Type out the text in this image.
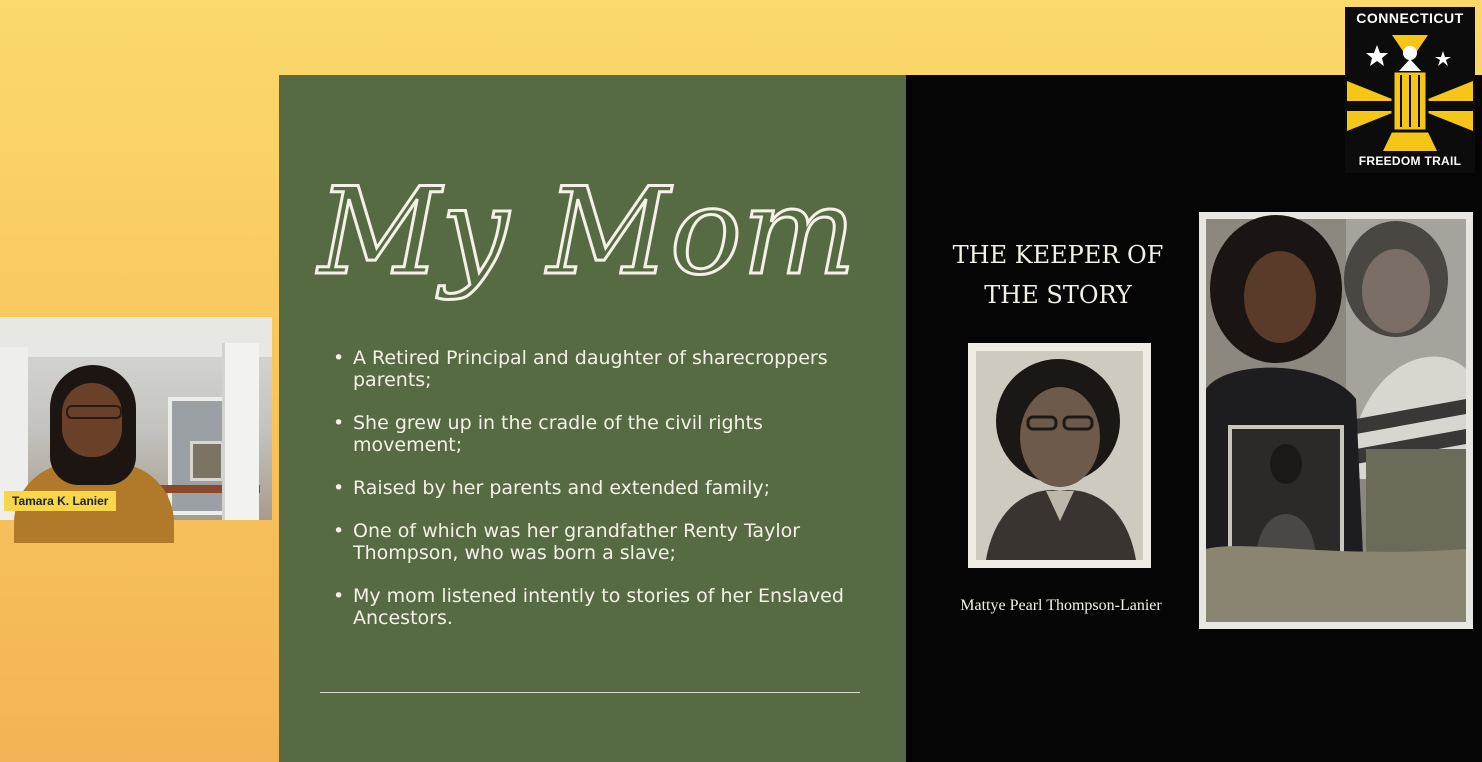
Tamara K. Lanier
My Mom
• A Retired Principal and daughter of sharecroppers parents;
• She grew up in the cradle of the civil rights movement;
• Raised by her parents and extended family;
• One of which was her grandfather Renty Taylor Thompson, who was born a slave;
• My mom listened intently to stories of her Enslaved Ancestors.
THE KEEPER OF
THE STORY
Mattye Pearl Thompson-Lanier
CONNECTICUT
FREEDOM TRAIL
